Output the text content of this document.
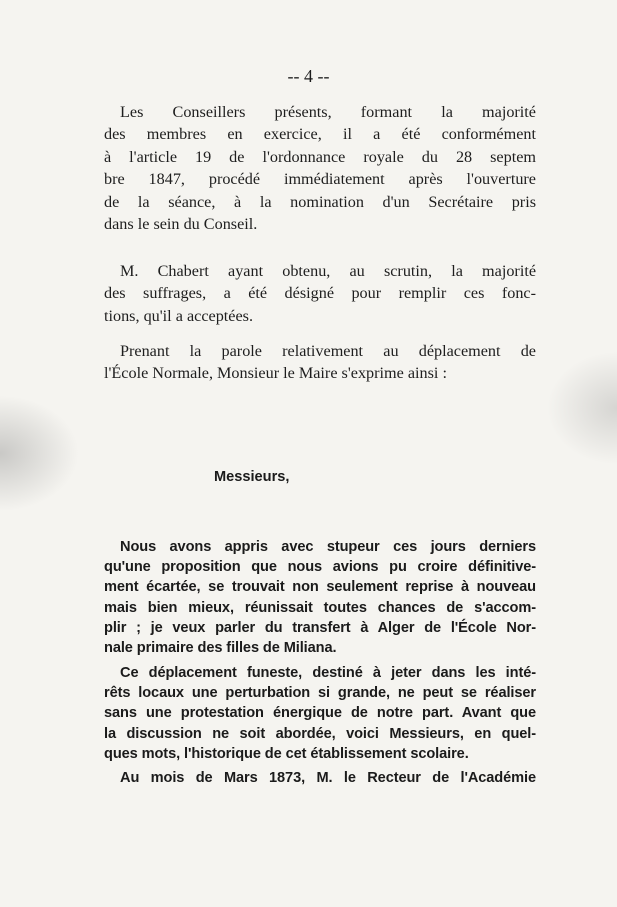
-- 4 --
Les Conseillers présents, formant la majorité
des membres en exercice, il a été conformément
à l'article 19 de l'ordonnance royale du 28 septem
bre 1847, procédé immédiatement après l'ouverture
de la séance, à la nomination d'un Secrétaire pris
dans le sein du Conseil.
M. Chabert ayant obtenu, au scrutin, la majorité
des suffrages, a été désigné pour remplir ces fonc-
tions, qu'il a acceptées.
Prenant la parole relativement au déplacement de
l'École Normale, Monsieur le Maire s'exprime ainsi :
Messieurs,
Nous avons appris avec stupeur ces jours derniers
qu'une proposition que nous avions pu croire définitive-
ment écartée, se trouvait non seulement reprise à nouveau
mais bien mieux, réunissait toutes chances de s'accom-
plir ; je veux parler du transfert à Alger de l'École Nor-
nale primaire des filles de Miliana.
Ce déplacement funeste, destiné à jeter dans les inté-
rêts locaux une perturbation si grande, ne peut se réaliser
sans une protestation énergique de notre part. Avant que
la discussion ne soit abordée, voici Messieurs, en quel-
ques mots, l'historique de cet établissement scolaire.
Au mois de Mars 1873, M. le Recteur de l'Académie
